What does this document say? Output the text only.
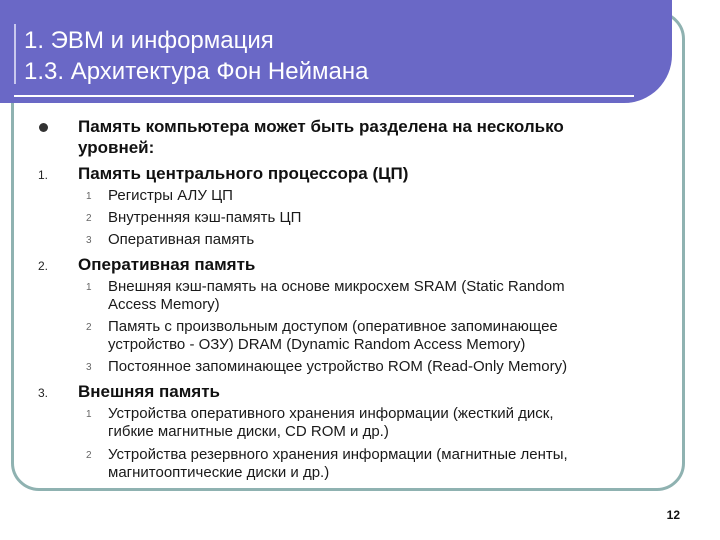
1. ЭВМ и информация
1.3. Архитектура Фон Неймана
Память компьютера может быть разделена на несколько
уровней:
1. Память центрального процессора (ЦП)
1 Регистры АЛУ ЦП
2 Внутренняя кэш-память ЦП
3 Оперативная память
2. Оперативная память
1 Внешняя кэш-память на основе микросхем SRAM (Static Random
Access Memory)
2 Память с произвольным доступом (оперативное запоминающее
устройство - ОЗУ) DRAM (Dynamic Random Access Memory)
3 Постоянное запоминающее устройство ROM (Read-Only Memory)
3. Внешняя память
1 Устройства оперативного хранения информации (жесткий диск,
гибкие магнитные диски, CD ROM и др.)
2 Устройства резервного хранения информации (магнитные ленты,
магнитооптические диски и др.)
12
